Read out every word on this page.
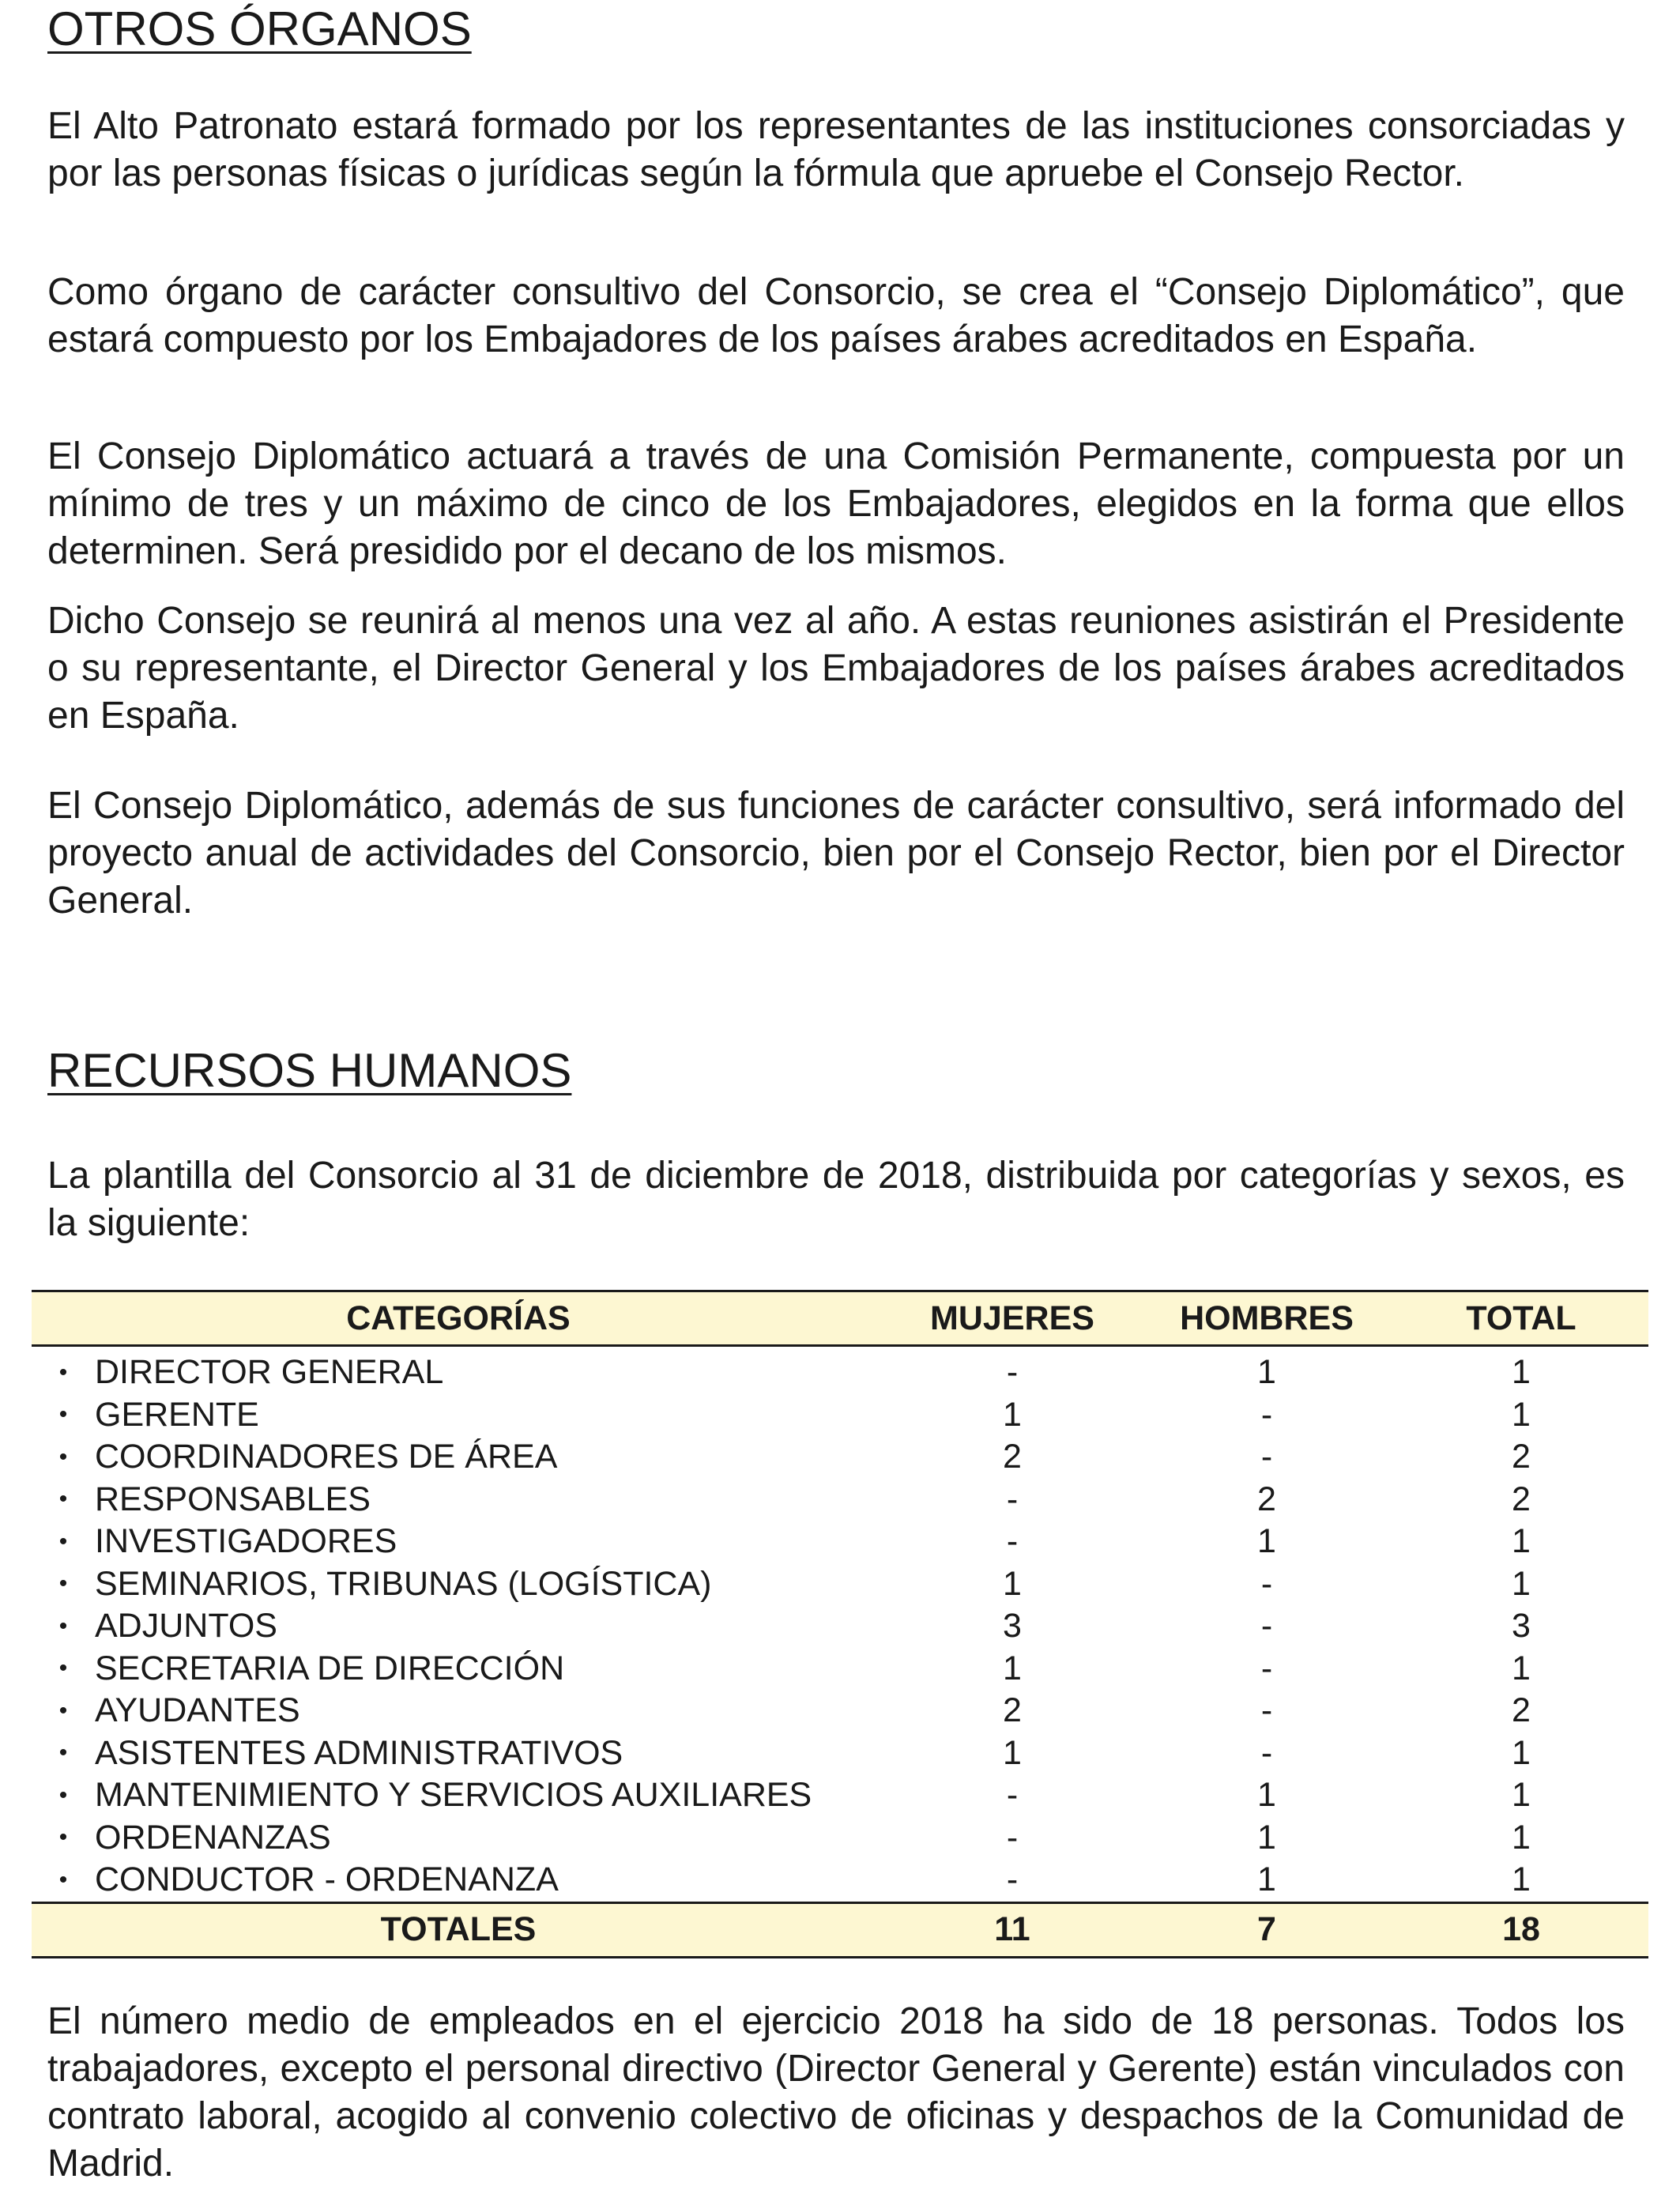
OTROS ÓRGANOS

El Alto Patronato estará formado por los representantes de las instituciones consorciadas y por las personas físicas o jurídicas según la fórmula que apruebe el Consejo Rector.

Como órgano de carácter consultivo del Consorcio, se crea el “Consejo Diplomático”, que estará compuesto por los Embajadores de los países árabes acreditados en España.

El Consejo Diplomático actuará a través de una Comisión Permanente, compuesta por un mínimo de tres y un máximo de cinco de los Embajadores, elegidos en la forma que ellos determinen. Será presidido por el decano de los mismos.

Dicho Consejo se reunirá al menos una vez al año. A estas reuniones asistirán el Presidente o su representante, el Director General y los Embajadores de los países árabes acreditados en España.

El Consejo Diplomático, además de sus funciones de carácter consultivo, será informado del proyecto anual de actividades del Consorcio, bien por el Consejo Rector, bien por el Director General.

RECURSOS HUMANOS

La plantilla del Consorcio al 31 de diciembre de 2018, distribuida por categorías y sexos, es la siguiente:

CATEGORÍAS		MUJERES	HOMBRES	TOTAL
•	DIRECTOR GENERAL	-	1	1
•	GERENTE	1	-	1
•	COORDINADORES DE ÁREA	2	-	2
•	RESPONSABLES	-	2	2
•	INVESTIGADORES	-	1	1
•	SEMINARIOS, TRIBUNAS (LOGÍSTICA)	1	-	1
•	ADJUNTOS	3	-	3
•	SECRETARIA DE DIRECCIÓN	1	-	1
•	AYUDANTES	2	-	2
•	ASISTENTES ADMINISTRATIVOS	1	-	1
•	MANTENIMIENTO Y SERVICIOS AUXILIARES	-	1	1
•	ORDENANZAS	-	1	1
•	CONDUCTOR - ORDENANZA	-	1	1
TOTALES		11	7	18

El número medio de empleados en el ejercicio 2018 ha sido de 18 personas. Todos los trabajadores, excepto el personal directivo (Director General y Gerente) están vinculados con contrato laboral, acogido al convenio colectivo de oficinas y despachos de la Comunidad de Madrid.
